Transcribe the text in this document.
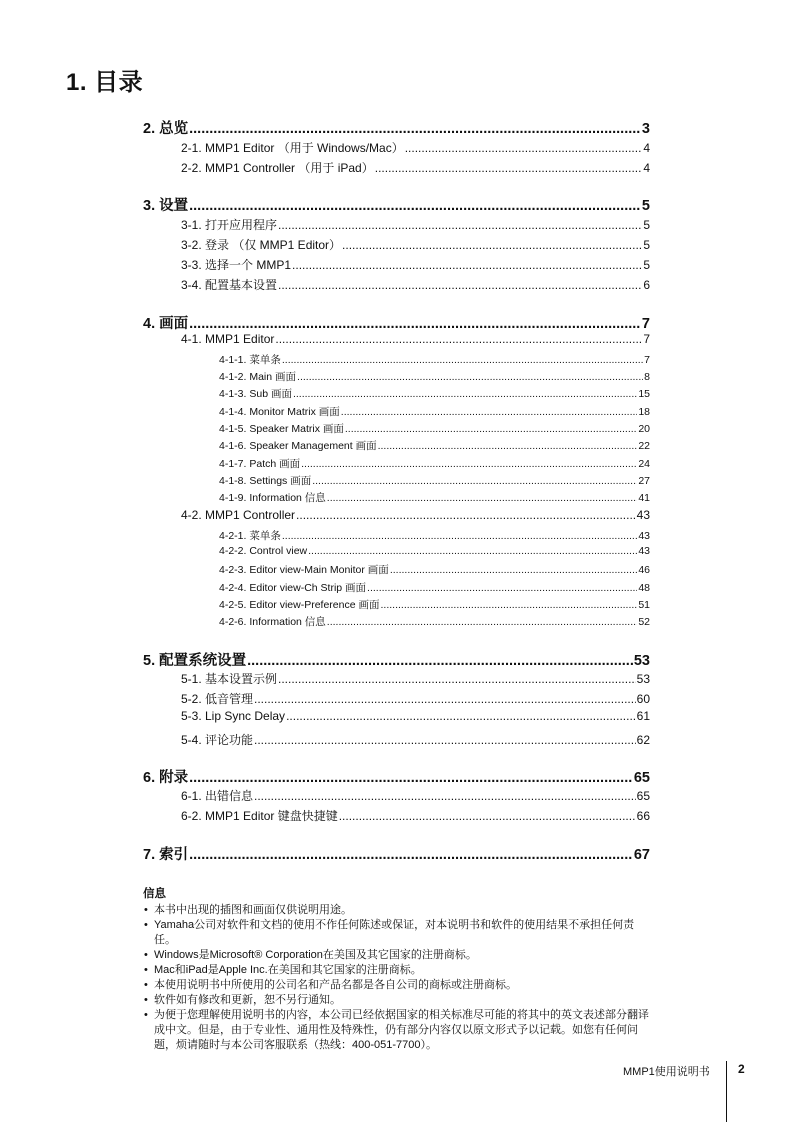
1. 目录
2. 总览 .....	3
2-1. MMP1 Editor （用于 Windows/Mac） .....	4
2-2. MMP1 Controller （用于 iPad） .....	4
3. 设置 .....	5
3-1. 打开应用程序 .....	5
3-2. 登录 （仅 MMP1 Editor） .....	5
3-3. 选择一个 MMP1 .....	5
3-4. 配置基本设置 .....	6
4. 画面 .....	7
4-1. MMP1 Editor .....	7
4-1-1. 菜单条 .....	7
4-1-2. Main 画面 .....	8
4-1-3. Sub 画面 .....	15
4-1-4. Monitor Matrix 画面 .....	18
4-1-5. Speaker Matrix 画面 .....	20
4-1-6. Speaker Management 画面 .....	22
4-1-7. Patch 画面 .....	24
4-1-8. Settings 画面 .....	27
4-1-9. Information 信息 .....	41
4-2. MMP1 Controller .....	43
4-2-1. 菜单条 .....	43
4-2-2. Control view .....	43
4-2-3. Editor view-Main Monitor 画面 .....	46
4-2-4. Editor view-Ch Strip 画面 .....	48
4-2-5. Editor view-Preference 画面 .....	51
4-2-6. Information 信息 .....	52
5. 配置系统设置 .....	53
5-1. 基本设置示例 .....	53
5-2. 低音管理 .....	60
5-3. Lip Sync Delay .....	61
5-4. 评论功能 .....	62
6. 附录 .....	65
6-1. 出错信息 .....	65
6-2. MMP1 Editor 键盘快捷键 .....	66
7. 索引 .....	67
信息
• 本书中出现的插图和画面仅供说明用途。
• Yamaha公司对软件和文档的使用不作任何陈述或保证，对本说明书和软件的使用结果不承担任何责任。
• Windows是Microsoft® Corporation在美国及其它国家的注册商标。
• Mac和iPad是Apple Inc.在美国和其它国家的注册商标。
• 本使用说明书中所使用的公司名和产品名都是各自公司的商标或注册商标。
• 软件如有修改和更新，恕不另行通知。
• 为便于您理解使用说明书的内容，本公司已经依据国家的相关标准尽可能的将其中的英文表述部分翻译成中文。但是，由于专业性、通用性及特殊性，仍有部分内容仅以原文形式予以记载。如您有任何问题，烦请随时与本公司客服联系（热线：400-051-7700）。
MMP1使用说明书 2
